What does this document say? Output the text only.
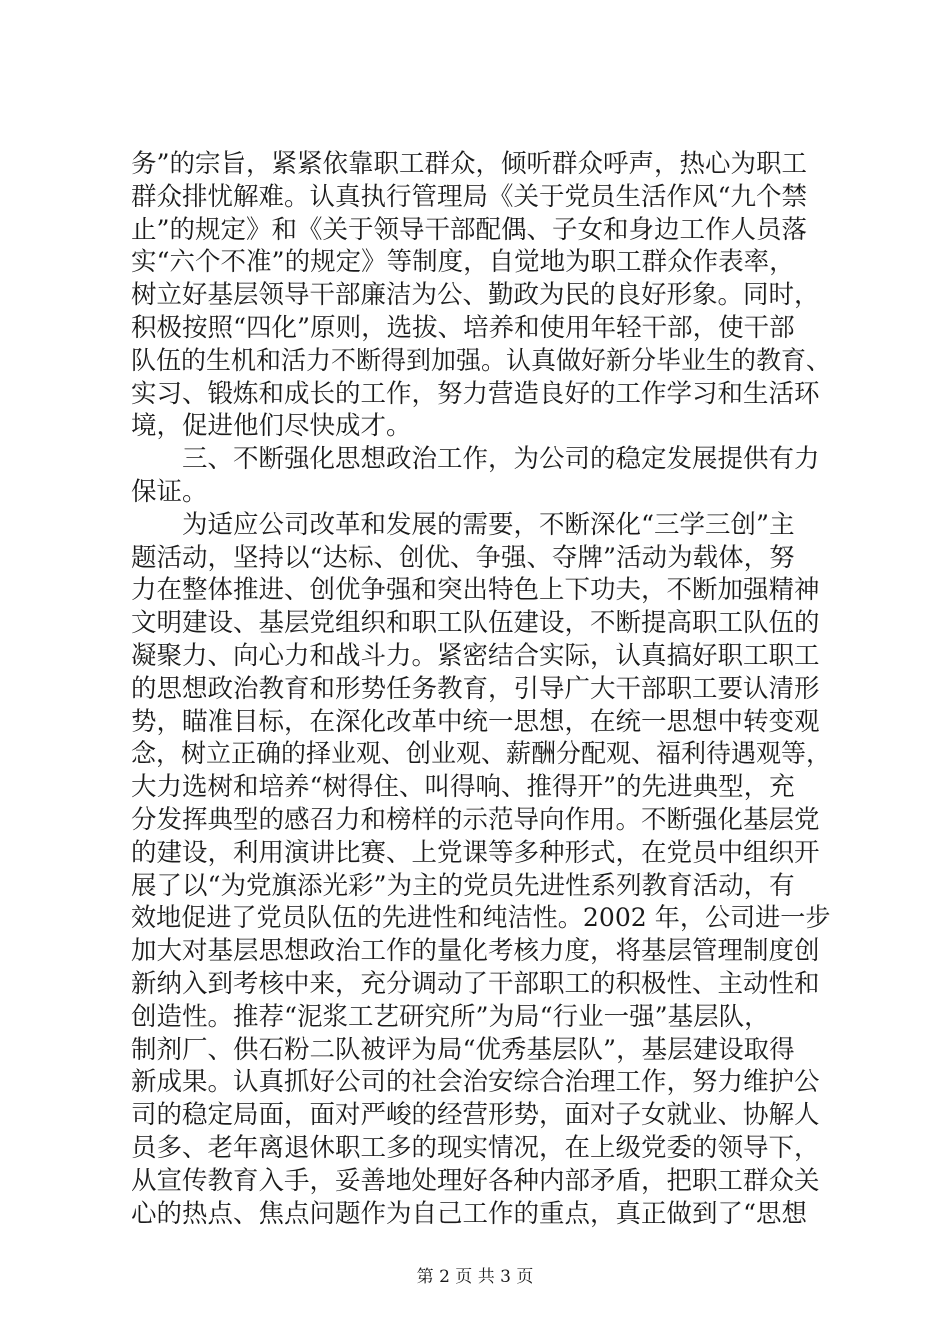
务”的宗旨，紧紧依靠职工群众，倾听群众呼声，热心为职工
群众排忧解难。认真执行管理局《关于党员生活作风“九个禁
止”的规定》和《关于领导干部配偶、子女和身边工作人员落
实“六个不准”的规定》等制度，自觉地为职工群众作表率，
树立好基层领导干部廉洁为公、勤政为民的良好形象。同时，
积极按照“四化”原则，选拔、培养和使用年轻干部，使干部
队伍的生机和活力不断得到加强。认真做好新分毕业生的教育、
实习、锻炼和成长的工作，努力营造良好的工作学习和生活环
境，促进他们尽快成才。
　　三、不断强化思想政治工作，为公司的稳定发展提供有力
保证。
　　为适应公司改革和发展的需要，不断深化“三学三创”主
题活动，坚持以“达标、创优、争强、夺牌”活动为载体，努
力在整体推进、创优争强和突出特色上下功夫，不断加强精神
文明建设、基层党组织和职工队伍建设，不断提高职工队伍的
凝聚力、向心力和战斗力。紧密结合实际，认真搞好职工职工
的思想政治教育和形势任务教育，引导广大干部职工要认清形
势，瞄准目标，在深化改革中统一思想，在统一思想中转变观
念，树立正确的择业观、创业观、薪酬分配观、福利待遇观等，
大力选树和培养“树得住、叫得响、推得开”的先进典型，充
分发挥典型的感召力和榜样的示范导向作用。不断强化基层党
的建设，利用演讲比赛、上党课等多种形式，在党员中组织开
展了以“为党旗添光彩”为主的党员先进性系列教育活动，有
效地促进了党员队伍的先进性和纯洁性。2002 年，公司进一步
加大对基层思想政治工作的量化考核力度，将基层管理制度创
新纳入到考核中来，充分调动了干部职工的积极性、主动性和
创造性。推荐“泥浆工艺研究所”为局“行业一强”基层队，
制剂厂、供石粉二队被评为局“优秀基层队”，基层建设取得
新成果。认真抓好公司的社会治安综合治理工作，努力维护公
司的稳定局面，面对严峻的经营形势，面对子女就业、协解人
员多、老年离退休职工多的现实情况，在上级党委的领导下，
从宣传教育入手，妥善地处理好各种内部矛盾，把职工群众关
心的热点、焦点问题作为自己工作的重点，真正做到了“思想
第 2 页 共 3 页
